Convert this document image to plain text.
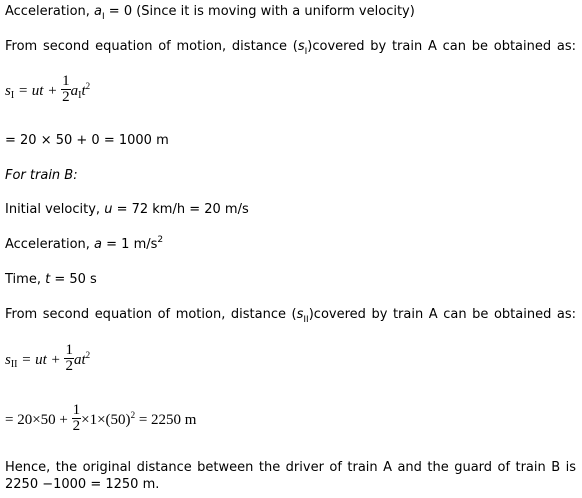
Acceleration, $a_I = 0$ (Since it is moving with a uniform velocity)
From second equation of motion, distance $(s_I)covered$ by train A can be obtained as:
$s_I$ = ut + $\frac{1}{2} a_It^2$
= 20 × 50 + 0 = 1000 m
For train B:
Initial velocity, u = 72 km/h = 20 m/s
Acceleration, a = 1 $m/s^2$
Time, t = 50 s
From second equation of motion, distance $(s_{II})covered$ by train A can be obtained as:
$s_{II}$ = ut + $\frac{1}{2} at^2$
= $20\times 50 + \frac{1}{2} \times 1\times(50)^2 = 2250$ m
Hence, the original distance between the driver of train A and the guard of train B is
2250 −1000 = 1250 m.
